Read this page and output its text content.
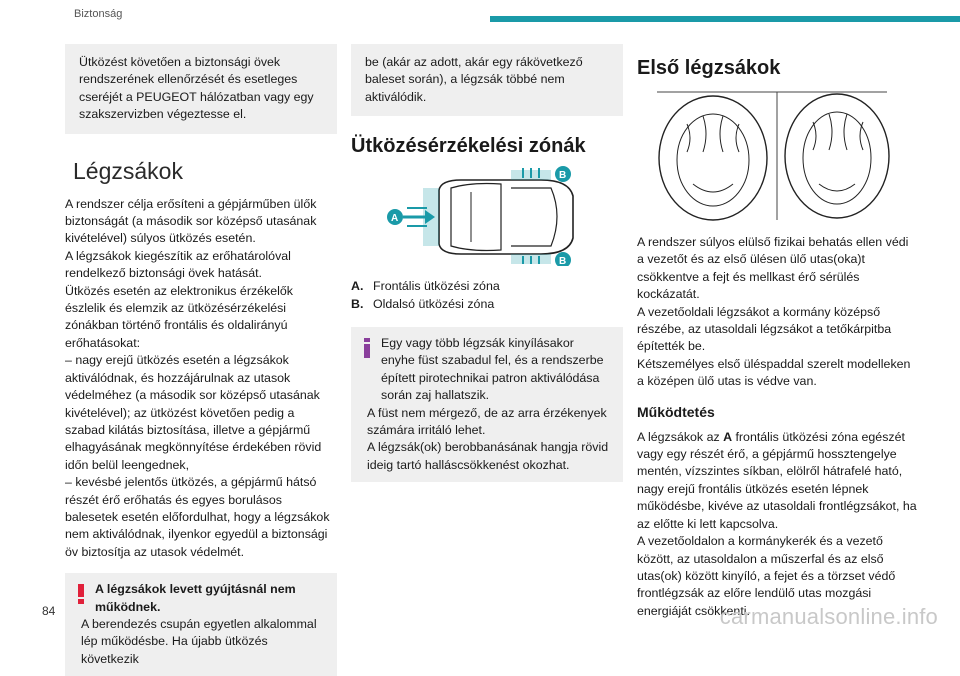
Biztonság

Ütközést követően a biztonsági övek rendszerének ellenőrzését és esetleges cseréjét a PEUGEOT hálózatban vagy egy szakszervizben végeztesse el.

Légzsákok

A rendszer célja erősíteni a gépjárműben ülők biztonságát (a második sor középső utasának kivételével) súlyos ütközés esetén.

A légzsákok kiegészítik az erőhatárolóval rendelkező biztonsági övek hatását.

Ütközés esetén az elektronikus érzékelők észlelik és elemzik az ütközésérzékelési zónákban történő frontális és oldalirányú erőhatásokat:

– nagy erejű ütközés esetén a légzsákok aktiválódnak, és hozzájárulnak az utasok védelméhez (a második sor középső utasának kivételével); az ütközést követően pedig a szabad kilátás biztosítása, illetve a gépjármű elhagyásának megkönnyítése érdekében rövid időn belül leengednek,

– kevésbé jelentős ütközés, a gépjármű hátsó részét érő erőhatás és egyes borulásos balesetek esetén előfordulhat, hogy a légzsákok nem aktiválódnak, ilyenkor egyedül a biztonsági öv biztosítja az utasok védelmét.

A légzsákok levett gyújtásnál nem működnek.

A berendezés csupán egyetlen alkalommal lép működésbe. Ha újabb ütközés következik

be (akár az adott, akár egy rákövetkező baleset során), a légzsák többé nem aktiválódik.

Ütközésérzékelési zónák
A
B
B
A. Frontális ütközési zóna
B. Oldalsó ütközési zóna

Egy vagy több légzsák kinyílásakor enyhe füst szabadul fel, és a rendszerbe épített pirotechnikai patron aktiválódása során zaj hallatszik.

A füst nem mérgező, de az arra érzékenyek számára irritáló lehet.

A légzsák(ok) berobbanásának hangja rövid ideig tartó halláscsökkenést okozhat.

Első légzsákok

A rendszer súlyos elülső fizikai behatás ellen védi a vezetőt és az első ülésen ülő utas(oka)t csökkentve a fejt és mellkast érő sérülés kockázatát.

A vezetőoldali légzsákot a kormány középső részébe, az utasoldali légzsákot a tetőkárpitba építették be.

Kétszemélyes első üléspaddal szerelt modelleken a középen ülő utas is védve van.

Működtetés

A légzsákok az A frontális ütközési zóna egészét vagy egy részét érő, a gépjármű hossztengelye mentén, vízszintes síkban, elölről hátrafelé ható, nagy erejű frontális ütközés esetén lépnek működésbe, kivéve az utasoldali frontlégzsákot, ha az előtte ki lett kapcsolva.

A vezetőoldalon a kormánykerék és a vezető között, az utasoldalon a műszerfal és az első utas(ok) között kinyíló, a fejet és a törzset védő frontlégzsák az előre lendülő utas mozgási energiáját csökkenti.

84	carmanualsonline.info
